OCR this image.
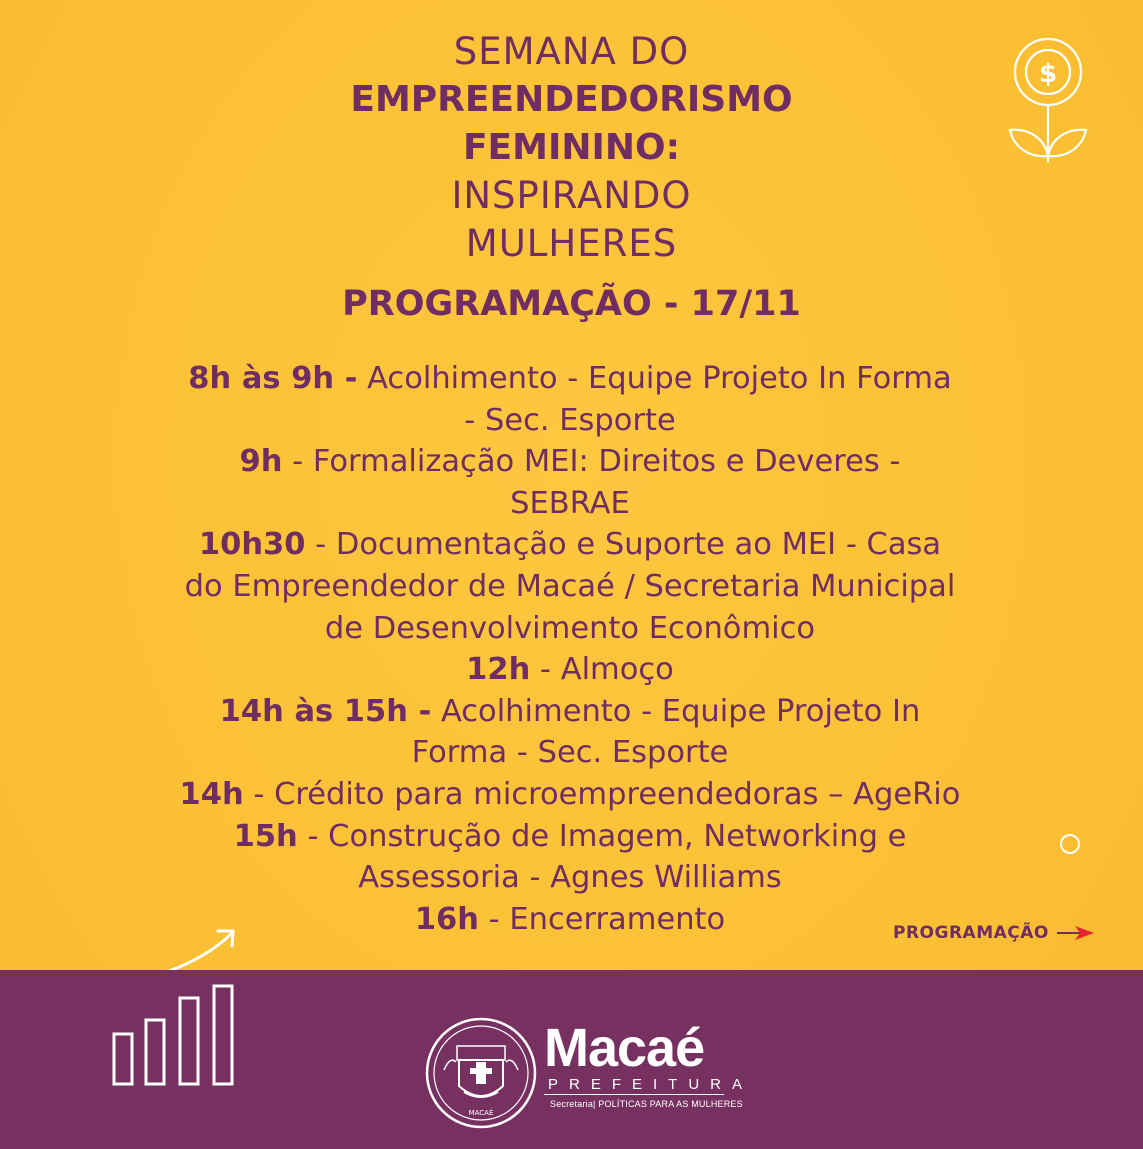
SEMANA DO
EMPREENDEDORISMO
FEMININO:
INSPIRANDO
MULHERES
PROGRAMAÇÃO - 17/11
$
8h às 9h - Acolhimento - Equipe Projeto In Forma
- Sec. Esporte
9h - Formalização MEI: Direitos e Deveres -
SEBRAE
10h30 - Documentação e Suporte ao MEI - Casa
do Empreendedor de Macaé / Secretaria Municipal
de Desenvolvimento Econômico
12h - Almoço
14h às 15h - Acolhimento - Equipe Projeto In
Forma - Sec. Esporte
14h - Crédito para microempreendedoras – AgeRio
15h - Construção de Imagem, Networking e
Assessoria - Agnes Williams
16h - Encerramento	PROGRAMAÇÃO
MACAÉ
Macaé
PREFEITURA
Secretaria| POLÍTICAS PARA AS MULHERES
